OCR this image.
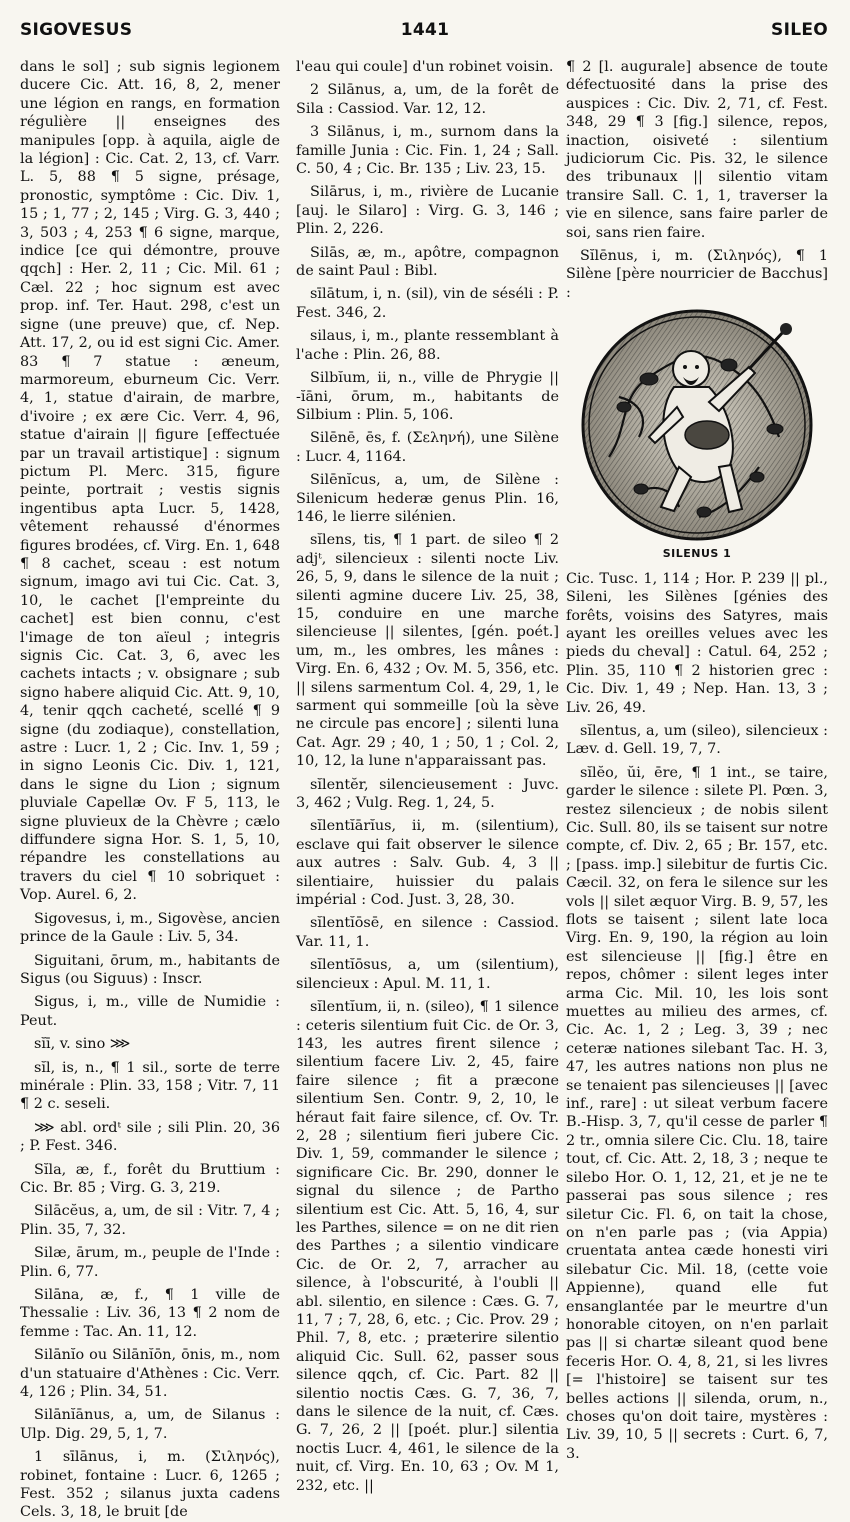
SIGOVESUS	1441	SILEO

dans le sol] ; sub signis legionem ducere Cic. Att. 16, 8, 2, mener une légion en rangs, en formation régulière || enseignes des manipules [opp. à aquila, aigle de la légion] : Cic. Cat. 2, 13, cf. Varr. L. 5, 88 ¶ 5 signe, présage, pronostic, symptôme : Cic. Div. 1, 15 ; 1, 77 ; 2, 145 ; Virg. G. 3, 440 ; 3, 503 ; 4, 253 ¶ 6 signe, marque, indice [ce qui démontre, prouve qqch] : Her. 2, 11 ; Cic. Mil. 61 ; Cæl. 22 ; hoc signum est avec prop. inf. Ter. Haut. 298, c'est un signe (une preuve) que, cf. Nep. Att. 17, 2, ou id est signi Cic. Amer. 83 ¶ 7 statue : æneum, marmoreum, eburneum Cic. Verr. 4, 1, statue d'airain, de marbre, d'ivoire ; ex ære Cic. Verr. 4, 96, statue d'airain || figure [effectuée par un travail artistique] : signum pictum Pl. Merc. 315, figure peinte, portrait ; vestis signis ingentibus apta Lucr. 5, 1428, vêtement rehaussé d'énormes figures brodées, cf. Virg. En. 1, 648 ¶ 8 cachet, sceau : est notum signum, imago avi tui Cic. Cat. 3, 10, le cachet [l'empreinte du cachet] est bien connu, c'est l'image de ton aïeul ; integris signis Cic. Cat. 3, 6, avec les cachets intacts ; v. obsignare ; sub signo habere aliquid Cic. Att. 9, 10, 4, tenir qqch cacheté, scellé ¶ 9 signe (du zodiaque), constellation, astre : Lucr. 1, 2 ; Cic. Inv. 1, 59 ; in signo Leonis Cic. Div. 1, 121, dans le signe du Lion ; signum pluviale Capellæ Ov. F 5, 113, le signe pluvieux de la Chèvre ; cælo diffundere signa Hor. S. 1, 5, 10, répandre les constellations au travers du ciel ¶ 10 sobriquet : Vop. Aurel. 6, 2.

Sigovesus, i, m., Sigovèse, ancien prince de la Gaule : Liv. 5, 34.

Siguitani, ōrum, m., habitants de Sigus (ou Siguus) : Inscr.

Sigus, i, m., ville de Numidie : Peut.

sĭī, v. sino ⋙

sĭl, is, n., ¶ 1 sil., sorte de terre minérale : Plin. 33, 158 ; Vitr. 7, 11 ¶ 2 c. seseli.

⋙ abl. ordᵗ sile ; sili Plin. 20, 36 ; P. Fest. 346.

Sĭla, æ, f., forêt du Bruttium : Cic. Br. 85 ; Virg. G. 3, 219.

Silācĕus, a, um, de sil : Vitr. 7, 4 ; Plin. 35, 7, 32.

Silæ, ārum, m., peuple de l'Inde : Plin. 6, 77.

Silāna, æ, f., ¶ 1 ville de Thessalie : Liv. 36, 13 ¶ 2 nom de femme : Tac. An. 11, 12.

Silānĭo ou Silānĭōn, ōnis, m., nom d'un statuaire d'Athènes : Cic. Verr. 4, 126 ; Plin. 34, 51.

Silānĭānus, a, um, de Silanus : Ulp. Dig. 29, 5, 1, 7.

1 sīlānus, i, m. (Σιληνός), robinet, fontaine : Lucr. 6, 1265 ; Fest. 352 ; silanus juxta cadens Cels. 3, 18, le bruit [de

l'eau qui coule] d'un robinet voisin.

2 Silānus, a, um, de la forêt de Sila : Cassiod. Var. 12, 12.

3 Silānus, i, m., surnom dans la famille Junia : Cic. Fin. 1, 24 ; Sall. C. 50, 4 ; Cic. Br. 135 ; Liv. 23, 15.

Silārus, i, m., rivière de Lucanie [auj. le Silaro] : Virg. G. 3, 146 ; Plin. 2, 226.

Silās, æ, m., apôtre, compagnon de saint Paul : Bibl.

sīlātum, i, n. (sil), vin de séséli : P. Fest. 346, 2.

silaus, i, m., plante ressemblant à l'ache : Plin. 26, 88.

Silbĭum, ii, n., ville de Phrygie || -ĭāni, ōrum, m., habitants de Silbium : Plin. 5, 106.

Silēnē, ēs, f. (Σεληνή), une Silène : Lucr. 4, 1164.

Silēnĭcus, a, um, de Silène : Silenicum hederæ genus Plin. 16, 146, le lierre silénien.

sĭlens, tis, ¶ 1 part. de sileo ¶ 2 adjᵗ, silencieux : silenti nocte Liv. 26, 5, 9, dans le silence de la nuit ; silenti agmine ducere Liv. 25, 38, 15, conduire en une marche silencieuse || silentes, [gén. poét.] um, m., les ombres, les mânes : Virg. En. 6, 432 ; Ov. M. 5, 356, etc. || silens sarmentum Col. 4, 29, 1, le sarment qui sommeille [où la sève ne circule pas encore] ; silenti luna Cat. Agr. 29 ; 40, 1 ; 50, 1 ; Col. 2, 10, 12, la lune n'apparaissant pas.

sĭlentĕr, silencieusement : Juvc. 3, 462 ; Vulg. Reg. 1, 24, 5.

sĭlentĭārĭus, ii, m. (silentium), esclave qui fait observer le silence aux autres : Salv. Gub. 4, 3 || silentiaire, huissier du palais impérial : Cod. Just. 3, 28, 30.

sĭlentĭōsē, en silence : Cassiod. Var. 11, 1.

sĭlentĭōsus, a, um (silentium), silencieux : Apul. M. 11, 1.

sĭlentĭum, ii, n. (sileo), ¶ 1 silence : ceteris silentium fuit Cic. de Or. 3, 143, les autres firent silence ; silentium facere Liv. 2, 45, faire faire silence ; fit a præcone silentium Sen. Contr. 9, 2, 10, le héraut fait faire silence, cf. Ov. Tr. 2, 28 ; silentium fieri jubere Cic. Div. 1, 59, commander le silence ; significare Cic. Br. 290, donner le signal du silence ; de Partho silentium est Cic. Att. 5, 16, 4, sur les Parthes, silence = on ne dit rien des Parthes ; a silentio vindicare Cic. de Or. 2, 7, arracher au silence, à l'obscurité, à l'oubli || abl. silentio, en silence : Cæs. G. 7, 11, 7 ; 7, 28, 6, etc. ; Cic. Prov. 29 ; Phil. 7, 8, etc. ; præterire silentio aliquid Cic. Sull. 62, passer sous silence qqch, cf. Cic. Part. 82 || silentio noctis Cæs. G. 7, 36, 7, dans le silence de la nuit, cf. Cæs. G. 7, 26, 2 || [poét. plur.] silentia noctis Lucr. 4, 461, le silence de la nuit, cf. Virg. En. 10, 63 ; Ov. M 1, 232, etc. ||

¶ 2 [l. augurale] absence de toute défectuosité dans la prise des auspices : Cic. Div. 2, 71, cf. Fest. 348, 29 ¶ 3 [fig.] silence, repos, inaction, oisiveté : silentium judiciorum Cic. Pis. 32, le silence des tribunaux || silentio vitam transire Sall. C. 1, 1, traverser la vie en silence, sans faire parler de soi, sans rien faire.

Sĭlēnus, i, m. (Σιληνός), ¶ 1 Silène [père nourricier de Bacchus] :

SILENUS 1

Cic. Tusc. 1, 114 ; Hor. P. 239 || pl., Sileni, les Silènes [génies des forêts, voisins des Satyres, mais ayant les oreilles velues avec les pieds du cheval] : Catul. 64, 252 ; Plin. 35, 110 ¶ 2 historien grec : Cic. Div. 1, 49 ; Nep. Han. 13, 3 ; Liv. 26, 49.

sĭlentus, a, um (sileo), silencieux : Læv. d. Gell. 19, 7, 7.

sĭlĕo, ŭi, ēre, ¶ 1 int., se taire, garder le silence : silete Pl. Pœn. 3, restez silencieux ; de nobis silent Cic. Sull. 80, ils se taisent sur notre compte, cf. Div. 2, 65 ; Br. 157, etc. ; [pass. imp.] silebitur de furtis Cic. Cæcil. 32, on fera le silence sur les vols || silet æquor Virg. B. 9, 57, les flots se taisent ; silent late loca Virg. En. 9, 190, la région au loin est silencieuse || [fig.] être en repos, chômer : silent leges inter arma Cic. Mil. 10, les lois sont muettes au milieu des armes, cf. Cic. Ac. 1, 2 ; Leg. 3, 39 ; nec ceteræ nationes silebant Tac. H. 3, 47, les autres nations non plus ne se tenaient pas silencieuses || [avec inf., rare] : ut sileat verbum facere B.-Hisp. 3, 7, qu'il cesse de parler ¶ 2 tr., omnia silere Cic. Clu. 18, taire tout, cf. Cic. Att. 2, 18, 3 ; neque te silebo Hor. O. 1, 12, 21, et je ne te passerai pas sous silence ; res siletur Cic. Fl. 6, on tait la chose, on n'en parle pas ; (via Appia) cruentata antea cæde honesti viri silebatur Cic. Mil. 18, (cette voie Appienne), quand elle fut ensanglantée par le meurtre d'un honorable citoyen, on n'en parlait pas || si chartæ sileant quod bene feceris Hor. O. 4, 8, 21, si les livres [= l'histoire] se taisent sur tes belles actions || silenda, orum, n., choses qu'on doit taire, mystères : Liv. 39, 10, 5 || secrets : Curt. 6, 7, 3.
